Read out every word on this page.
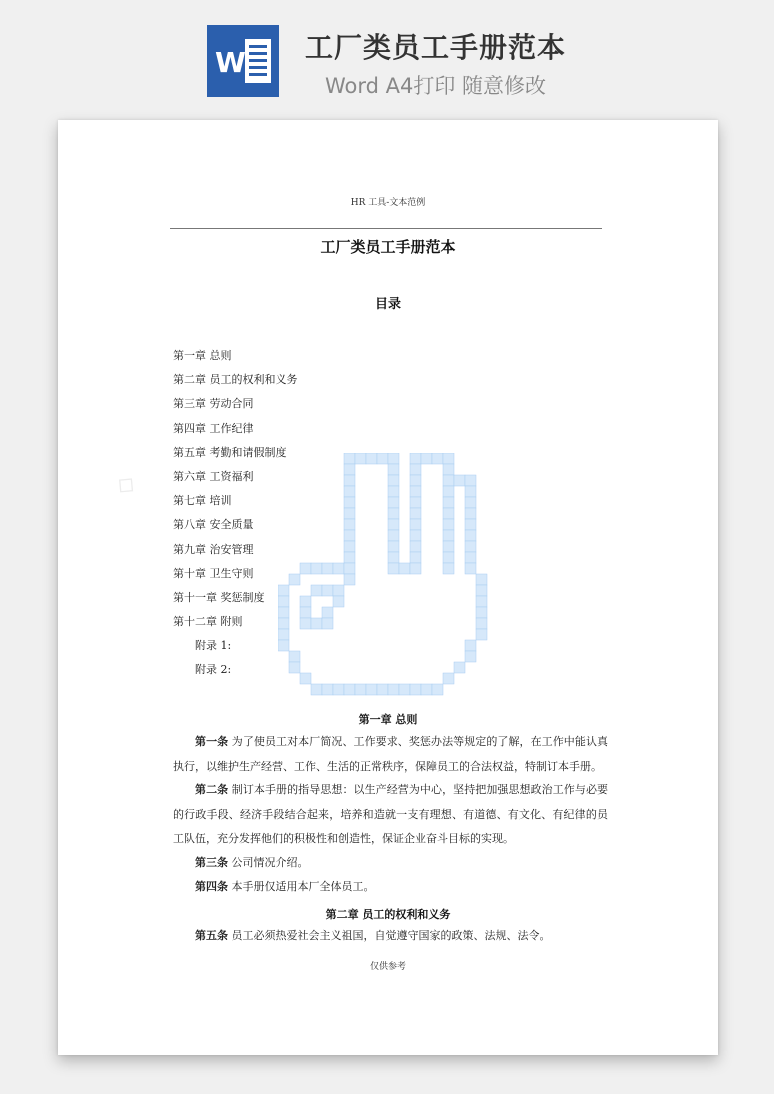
W 工厂类员工手册范本
Word A4打印 随意修改
◇
HR 工具-文本范例
工厂类员工手册范本
目录
第一章 总则
第二章 员工的权利和义务
第三章 劳动合同
第四章 工作纪律
第五章 考勤和请假制度
第六章 工资福利
第七章 培训
第八章 安全质量
第九章 治安管理
第十章 卫生守则
第十一章 奖惩制度
第十二章 附则
附录 1:
附录 2:
第一章 总则
第一条 为了使员工对本厂简况、工作要求、奖惩办法等规定的了解，在工作中能认真执行，以维护生产经营、工作、生活的正常秩序，保障员工的合法权益，特制订本手册。
第二条 制订本手册的指导思想：以生产经营为中心，坚持把加强思想政治工作与必要的行政手段、经济手段结合起来，培养和造就一支有理想、有道德、有文化、有纪律的员工队伍，充分发挥他们的积极性和创造性，保证企业奋斗目标的实现。
第三条 公司情况介绍。
第四条 本手册仅适用本厂全体员工。
第二章 员工的权利和义务
第五条 员工必须热爱社会主义祖国，自觉遵守国家的政策、法规、法令。
仅供参考
